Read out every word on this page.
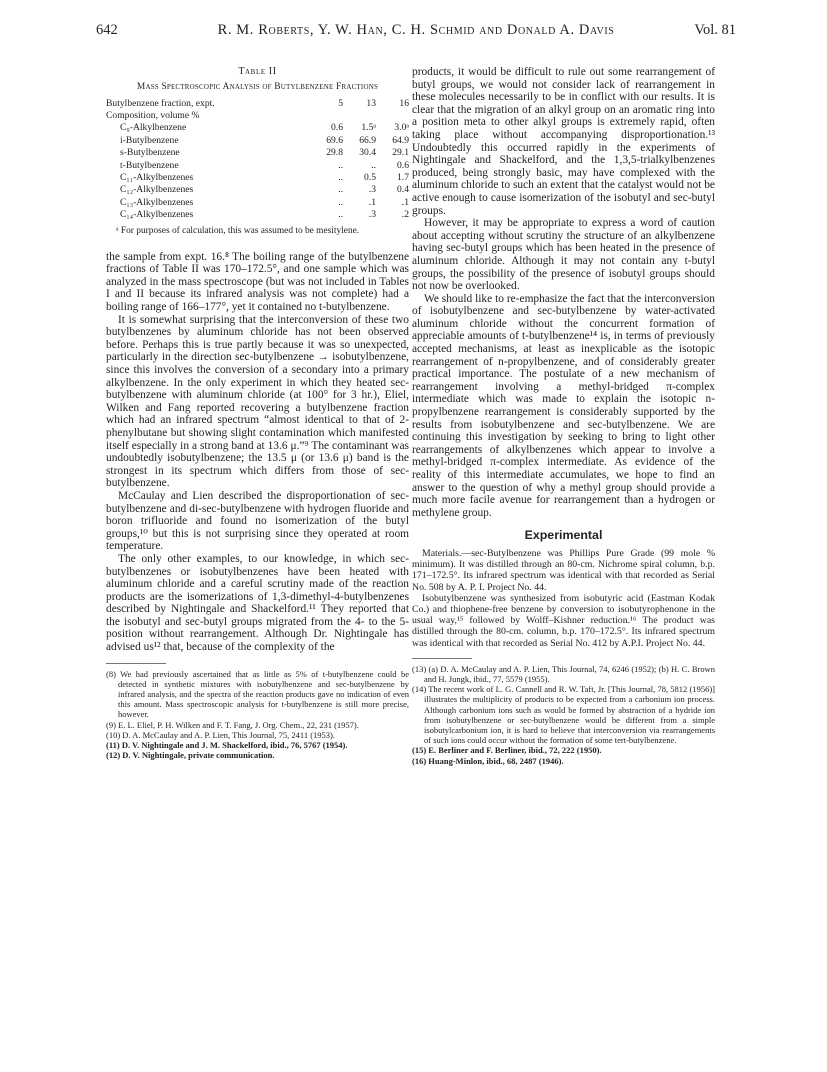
642	R. M. Roberts, Y. W. Han, C. H. Schmid and Donald A. Davis	Vol. 81
Table II
Mass Spectroscopic Analysis of Butylbenzene Fractions
Butylbenzene fraction, expt.	5	13	16
Composition, volume %			
C₉-Alkylbenzene	0.6	1.5ᵃ	3.0ᵃ
i-Butylbenzene	69.6	66.9	64.9
s-Butylbenzene	29.8	30.4	29.1
t-Butylbenzene	..	..	0.6
C₁₁-Alkylbenzenes	..	0.5	1.7
C₁₂-Alkylbenzenes	..	.3	0.4
C₁₃-Alkylbenzenes	..	.1	.1
C₁₄-Alkylbenzenes	..	.3	.2
ᵃ For purposes of calculation, this was assumed to be mesitylene.

the sample from expt. 16.⁸ The boiling range of the butylbenzene fractions of Table II was 170–172.5°, and one sample which was analyzed in the mass spectroscope (but was not included in Tables I and II because its infrared analysis was not complete) had a boiling range of 166–177°, yet it contained no t-butylbenzene.

It is somewhat surprising that the interconversion of these two butylbenzenes by aluminum chloride has not been observed before. Perhaps this is true partly because it was so unexpected, particularly in the direction sec-butylbenzene → isobutylbenzene, since this involves the conversion of a secondary into a primary alkylbenzene. In the only experiment in which they heated sec-butylbenzene with aluminum chloride (at 100° for 3 hr.), Eliel, Wilken and Fang reported recovering a butylbenzene fraction which had an infrared spectrum “almost identical to that of 2-phenylbutane but showing slight contamination which manifested itself especially in a strong band at 13.6 μ.”⁹ The contaminant was undoubtedly isobutylbenzene; the 13.5 μ (or 13.6 μ) band is the strongest in its spectrum which differs from those of sec-butylbenzene.

McCaulay and Lien described the disproportionation of sec-butylbenzene and di-sec-butylbenzene with hydrogen fluoride and boron trifluoride and found no isomerization of the butyl groups,¹⁰ but this is not surprising since they operated at room temperature.

The only other examples, to our knowledge, in which sec-butylbenzenes or isobutylbenzenes have been heated with aluminum chloride and a careful scrutiny made of the reaction products are the isomerizations of 1,3-dimethyl-4-butylbenzenes described by Nightingale and Shackelford.¹¹ They reported that the isobutyl and sec-butyl groups migrated from the 4- to the 5-position without rearrangement. Although Dr. Nightingale has advised us¹² that, because of the complexity of the

(8) We had previously ascertained that as little as 5% of t-butylbenzene could be detected in synthetic mixtures with isobutylbenzene and sec-butylbenzene by infrared analysis, and the spectra of the reaction products gave no indication of even this amount. Mass spectroscopic analysis for t-butylbenzene is still more precise, however.

(9) E. L. Eliel, P. H. Wilken and F. T. Fang, J. Org. Chem., 22, 231 (1957).

(10) D. A. McCaulay and A. P. Lien, This Journal, 75, 2411 (1953).

(11) D. V. Nightingale and J. M. Shackelford, ibid., 76, 5767 (1954).

(12) D. V. Nightingale, private communication.

products, it would be difficult to rule out some rearrangement of butyl groups, we would not consider lack of rearrangement in these molecules necessarily to be in conflict with our results. It is clear that the migration of an alkyl group on an aromatic ring into a position meta to other alkyl groups is extremely rapid, often taking place without accompanying disproportionation.¹³ Undoubtedly this occurred rapidly in the experiments of Nightingale and Shackelford, and the 1,3,5-trialkylbenzenes produced, being strongly basic, may have complexed with the aluminum chloride to such an extent that the catalyst would not be active enough to cause isomerization of the isobutyl and sec-butyl groups.

However, it may be appropriate to express a word of caution about accepting without scrutiny the structure of an alkylbenzene having sec-butyl groups which has been heated in the presence of aluminum chloride. Although it may not contain any t-butyl groups, the possibility of the presence of isobutyl groups should not now be overlooked.

We should like to re-emphasize the fact that the interconversion of isobutylbenzene and sec-butylbenzene by water-activated aluminum chloride without the concurrent formation of appreciable amounts of t-butylbenzene¹⁴ is, in terms of previously accepted mechanisms, at least as inexplicable as the isotopic rearrangement of n-propylbenzene, and of considerably greater practical importance. The postulate of a new mechanism of rearrangement involving a methyl-bridged π-complex intermediate which was made to explain the isotopic n-propylbenzene rearrangement is considerably supported by the results from isobutylbenzene and sec-butylbenzene. We are continuing this investigation by seeking to bring to light other rearrangements of alkylbenzenes which appear to involve a methyl-bridged π-complex intermediate. As evidence of the reality of this intermediate accumulates, we hope to find an answer to the question of why a methyl group should provide a much more facile avenue for rearrangement than a hydrogen or methylene group.

Experimental

Materials.—sec-Butylbenzene was Phillips Pure Grade (99 mole % minimum). It was distilled through an 80-cm. Nichrome spiral column, b.p. 171–172.5°. Its infrared spectrum was identical with that recorded as Serial No. 508 by A. P. I. Project No. 44.

Isobutylbenzene was synthesized from isobutyric acid (Eastman Kodak Co.) and thiophene-free benzene by conversion to isobutyrophenone in the usual way,¹⁵ followed by Wolff–Kishner reduction.¹⁶ The product was distilled through the 80-cm. column, b.p. 170–172.5°. Its infrared spectrum was identical with that recorded as Serial No. 412 by A.P.I. Project No. 44.

(13) (a) D. A. McCaulay and A. P. Lien, This Journal, 74, 6246 (1952); (b) H. C. Brown and H. Jungk, ibid., 77, 5579 (1955).

(14) The recent work of L. G. Cannell and R. W. Taft, Jr. [This Journal, 78, 5812 (1956)] illustrates the multiplicity of products to be expected from a carbonium ion process. Although carbonium ions such as would be formed by abstraction of a hydride ion from isobutylbenzene or sec-butylbenzene would be different from a simple isobutylcarbonium ion, it is hard to believe that interconversion via rearrangements of such ions could occur without the formation of some tert-butylbenzene.

(15) E. Berliner and F. Berliner, ibid., 72, 222 (1950).

(16) Huang-Minlon, ibid., 68, 2487 (1946).
